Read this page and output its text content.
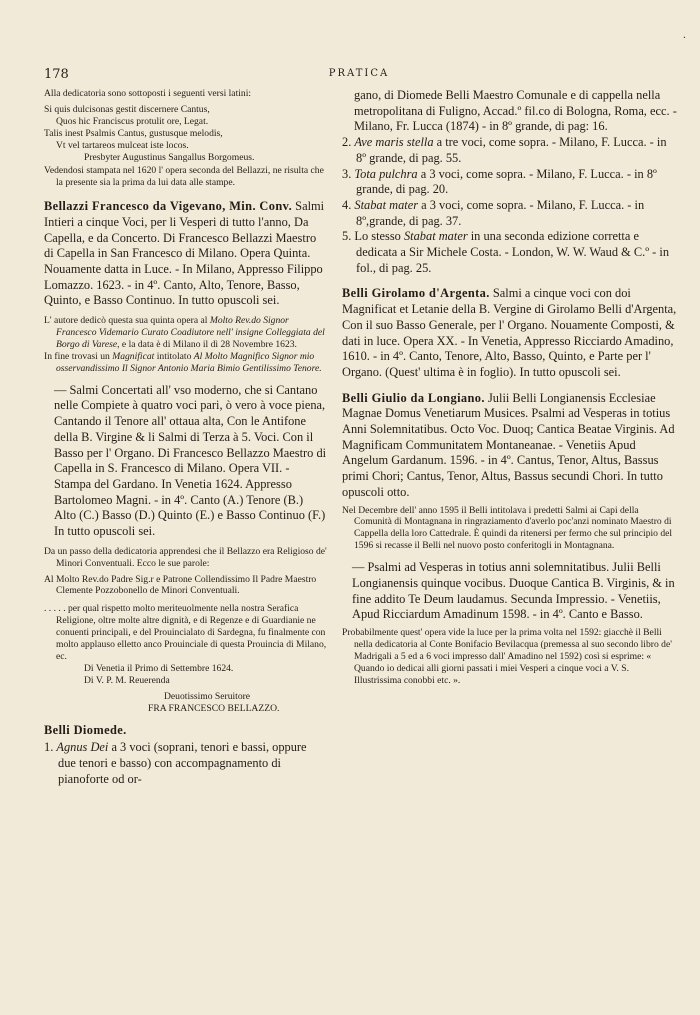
.
178	PRATICA
Alla dedicatoria sono sottoposti i seguenti versi latini:
Si quis dulcisonas gestit discernere Cantus,
Quos hic Franciscus protulit ore, Legat.
Talis inest Psalmis Cantus, gustusque melodis,
Vt vel tartareos mulceat iste locos.
Presbyter Augustinus Sangallus Borgomeus.
Vedendosi stampata nel 1620 l' opera seconda del Bellazzi, ne risulta che la presente sia la prima da lui data alle stampe.
Bellazzi Francesco da Vigevano, Min. Conv. Salmi Intieri a cinque Voci, per li Vesperi di tutto l'anno, Da Capella, e da Concerto. Di Francesco Bellazzi Maestro di Capella in San Francesco di Milano. Opera Quinta. Nouamente datta in Luce. - In Milano, Appresso Filippo Lomazzo. 1623. - in 4º. Canto, Alto, Tenore, Basso, Quinto, e Basso Continuo. In tutto opuscoli sei.
L' autore dedicò questa sua quinta opera al Molto Rev.do Signor Francesco Videmario Curato Coadiutore nell' insigne Colleggiata del Borgo di Varese, e la data è di Milano il dì 28 Novembre 1623.
In fine trovasi un Magnificat intitolato Al Molto Magnifico Signor mio osservandissimo Il Signor Antonio Maria Bimio Gentilissimo Tenore.
— Salmi Concertati all' vso moderno, che si Cantano nelle Compiete à quatro voci pari, ò vero à voce piena, Cantando il Tenore all' ottaua alta, Con le Antifone della B. Virgine & li Salmi di Terza à 5. Voci. Con il Basso per l' Organo. Di Francesco Bellazzo Maestro di Capella in S. Francesco di Milano. Opera VII. - Stampa del Gardano. In Venetia 1624. Appresso Bartolomeo Magni. - in 4º. Canto (A.) Tenore (B.) Alto (C.) Basso (D.) Quinto (E.) e Basso Continuo (F.) In tutto opuscoli sei.
Da un passo della dedicatoria apprendesi che il Bellazzo era Religioso de' Minori Conventuali. Ecco le sue parole:
Al Molto Rev.do Padre Sig.r e Patrone Collendissimo Il Padre Maestro Clemente Pozzobonello de Minori Conventuali.
. . . . . per qual rispetto molto meriteuolmente nella nostra Serafica Religione, oltre molte altre dignità, e di Regenze e di Guardianie ne conuenti principali, e del Prouincialato di Sardegna, fu finalmente con molto applauso elletto anco Prouinciale di questa Prouincia di Milano, ec.
Di Venetia il Primo di Settembre 1624.
Di V. P. M. Reuerenda
Deuotissimo Seruitore
FRA FRANCESCO BELLAZZO.
Belli Diomede.
1. Agnus Dei a 3 voci (soprani, tenori e bassi, oppure due tenori e basso) con accompagnamento di pianoforte od or-
gano, di Diomede Belli Maestro Comunale e di cappella nella metropolitana di Fuligno, Accad.º fil.co di Bologna, Roma, ecc. - Milano, Fr. Lucca (1874) - in 8º grande, di pag: 16.
2. Ave maris stella a tre voci, come sopra. - Milano, F. Lucca. - in 8º grande, di pag. 55.
3. Tota pulchra a 3 voci, come sopra. - Milano, F. Lucca. - in 8º grande, di pag. 20.
4. Stabat mater a 3 voci, come sopra. - Milano, F. Lucca. - in 8º,grande, di pag. 37.
5. Lo stesso Stabat mater in una seconda edizione corretta e dedicata a Sir Michele Costa. - London, W. W. Waud & C.º - in fol., di pag. 25.
Belli Girolamo d'Argenta. Salmi a cinque voci con doi Magnificat et Letanie della B. Vergine di Girolamo Belli d'Argenta, Con il suo Basso Generale, per l' Organo. Nouamente Composti, & dati in luce. Opera XX. - In Venetia, Appresso Ricciardo Amadino, 1610. - in 4º. Canto, Tenore, Alto, Basso, Quinto, e Parte per l' Organo. (Quest' ultima è in foglio). In tutto opuscoli sei.
Belli Giulio da Longiano. Julii Belli Longianensis Ecclesiae Magnae Domus Venetiarum Musices. Psalmi ad Vesperas in totius Anni Solemnitatibus. Octo Voc. Duoq; Cantica Beatae Virginis. Ad Magnificam Communitatem Montaneanae. - Venetiis Apud Angelum Gardanum. 1596. - in 4º. Cantus, Tenor, Altus, Bassus primi Chori; Cantus, Tenor, Altus, Bassus secundi Chori. In tutto opuscoli otto.
Nel Decembre dell' anno 1595 il Belli intitolava i predetti Salmi ai Capi della Comunità di Montagnana in ringraziamento d'averlo poc'anzi nominato Maestro di Cappella della loro Cattedrale. È quindi da ritenersi per fermo che sul principio del 1596 si recasse il Belli nel nuovo posto conferitogli in Montagnana.
— Psalmi ad Vesperas in totius anni solemnitatibus. Julii Belli Longianensis quinque vocibus. Duoque Cantica B. Virginis, & in fine addito Te Deum laudamus. Secunda Impressio. - Venetiis, Apud Ricciardum Amadinum 1598. - in 4º. Canto e Basso.
Probabilmente quest' opera vide la luce per la prima volta nel 1592: giacchè il Belli nella dedicatoria al Conte Bonifacio Bevilacqua (premessa al suo secondo libro de' Madrigali a 5 ed a 6 voci impresso dall' Amadino nel 1592) così si esprime: « Quando io dedicai alli giorni passati i miei Vesperi a cinque voci a V. S. Illustrissima conobbi etc. ».
